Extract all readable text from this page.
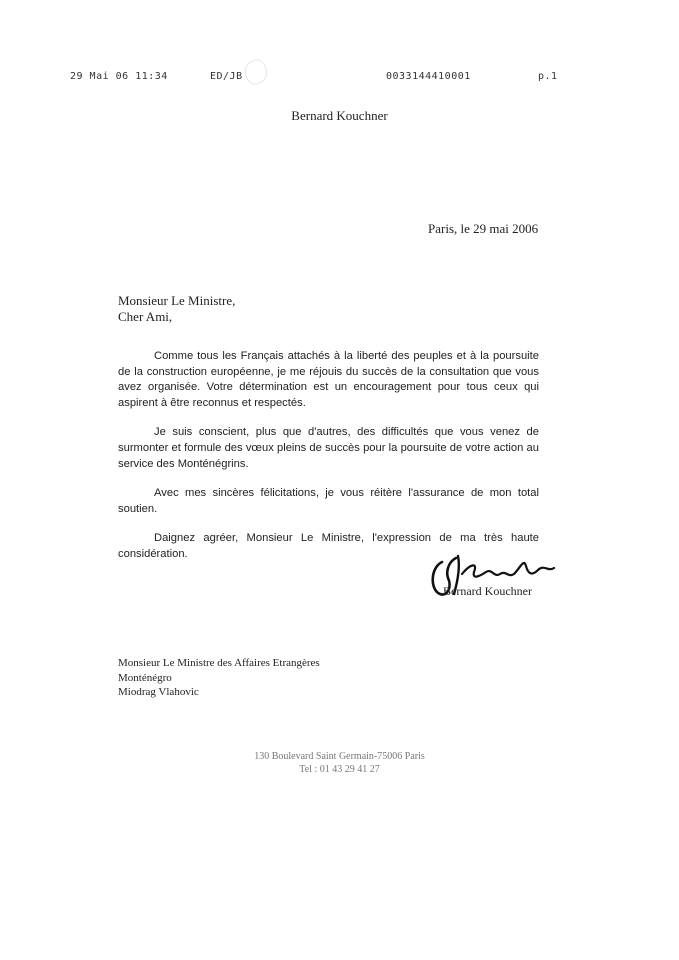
29 Mai 06 11:34	ED/JB	0033144410001	p.1
Bernard Kouchner
Paris, le 29 mai 2006
Monsieur Le Ministre,
Cher Ami,

Comme tous les Français attachés à la liberté des peuples et à la poursuite de la construction européenne, je me réjouis du succès de la consultation que vous avez organisée. Votre détermination est un encouragement pour tous ceux qui aspirent à être reconnus et respectés.

Je suis conscient, plus que d'autres, des difficultés que vous venez de surmonter et formule des vœux pleins de succès pour la poursuite de votre action au service des Monténégrins.

Avec mes sincères félicitations, je vous réitère l'assurance de mon total soutien.

Daignez agréer, Monsieur Le Ministre, l'expression de ma très haute considération.

Bernard Kouchner
Monsieur Le Ministre des Affaires Etrangères
Monténégro
Miodrag Vlahovic
130 Boulevard Saint Germain-75006 Paris
Tel : 01 43 29 41 27
